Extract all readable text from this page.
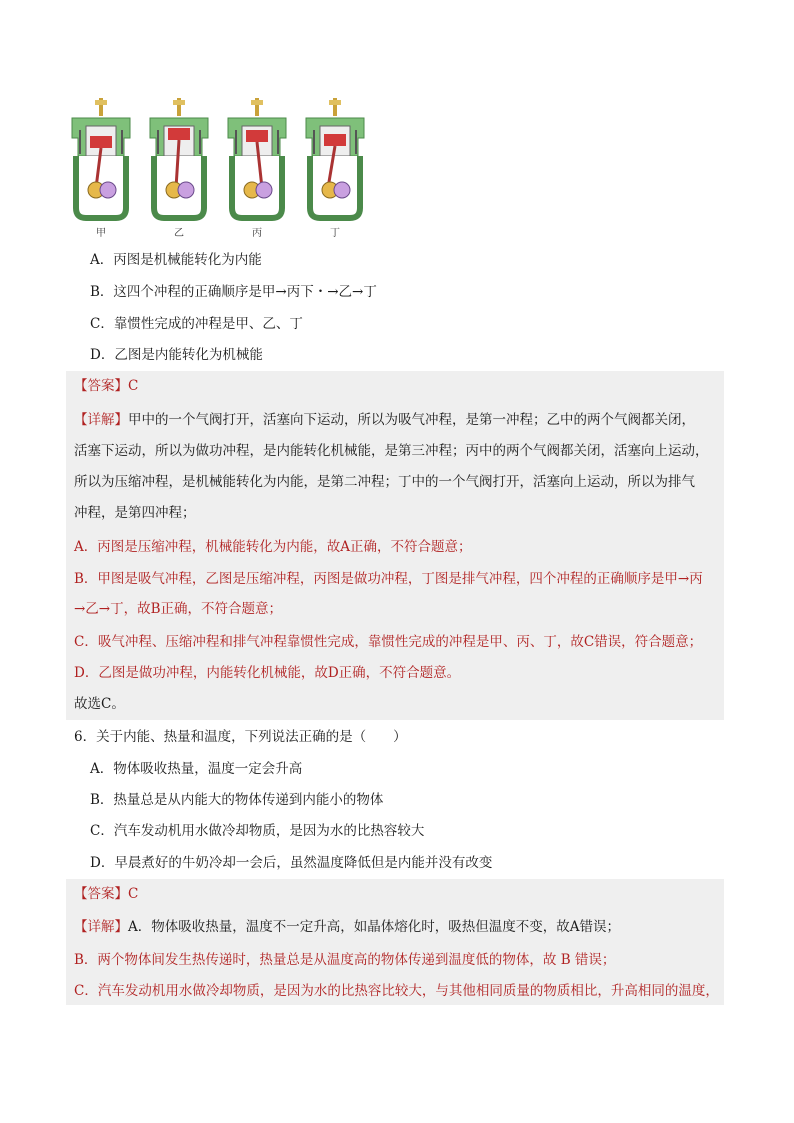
甲	乙	丙	丁
A．丙图是机械能转化为内能
B．这四个冲程的正确顺序是甲→丙下・→乙→丁
C．靠惯性完成的冲程是甲、乙、丁
D．乙图是内能转化为机械能
【答案】C
【详解】甲中的一个气阀打开，活塞向下运动，所以为吸气冲程，是第一冲程；乙中的两个气阀都关闭，
活塞下运动，所以为做功冲程，是内能转化机械能，是第三冲程；丙中的两个气阀都关闭，活塞向上运动，
所以为压缩冲程，是机械能转化为内能，是第二冲程；丁中的一个气阀打开，活塞向上运动，所以为排气
冲程，是第四冲程；
A．丙图是压缩冲程，机械能转化为内能，故A正确，不符合题意；
B．甲图是吸气冲程，乙图是压缩冲程，丙图是做功冲程，丁图是排气冲程，四个冲程的正确顺序是甲→丙
→乙→丁，故B正确，不符合题意；
C．吸气冲程、压缩冲程和排气冲程靠惯性完成，靠惯性完成的冲程是甲、丙、丁，故C错误，符合题意；
D．乙图是做功冲程，内能转化机械能，故D正确，不符合题意。
故选C。
6．关于内能、热量和温度，下列说法正确的是（　　）
A．物体吸收热量，温度一定会升高
B．热量总是从内能大的物体传递到内能小的物体
C．汽车发动机用水做冷却物质，是因为水的比热容较大
D．早晨煮好的牛奶冷却一会后，虽然温度降低但是内能并没有改变
【答案】C
【详解】A．物体吸收热量，温度不一定升高，如晶体熔化时，吸热但温度不变，故A错误；
B．两个物体间发生热传递时，热量总是从温度高的物体传递到温度低的物体，故 B 错误；
C．汽车发动机用水做冷却物质，是因为水的比热容比较大，与其他相同质量的物质相比，升高相同的温度，
